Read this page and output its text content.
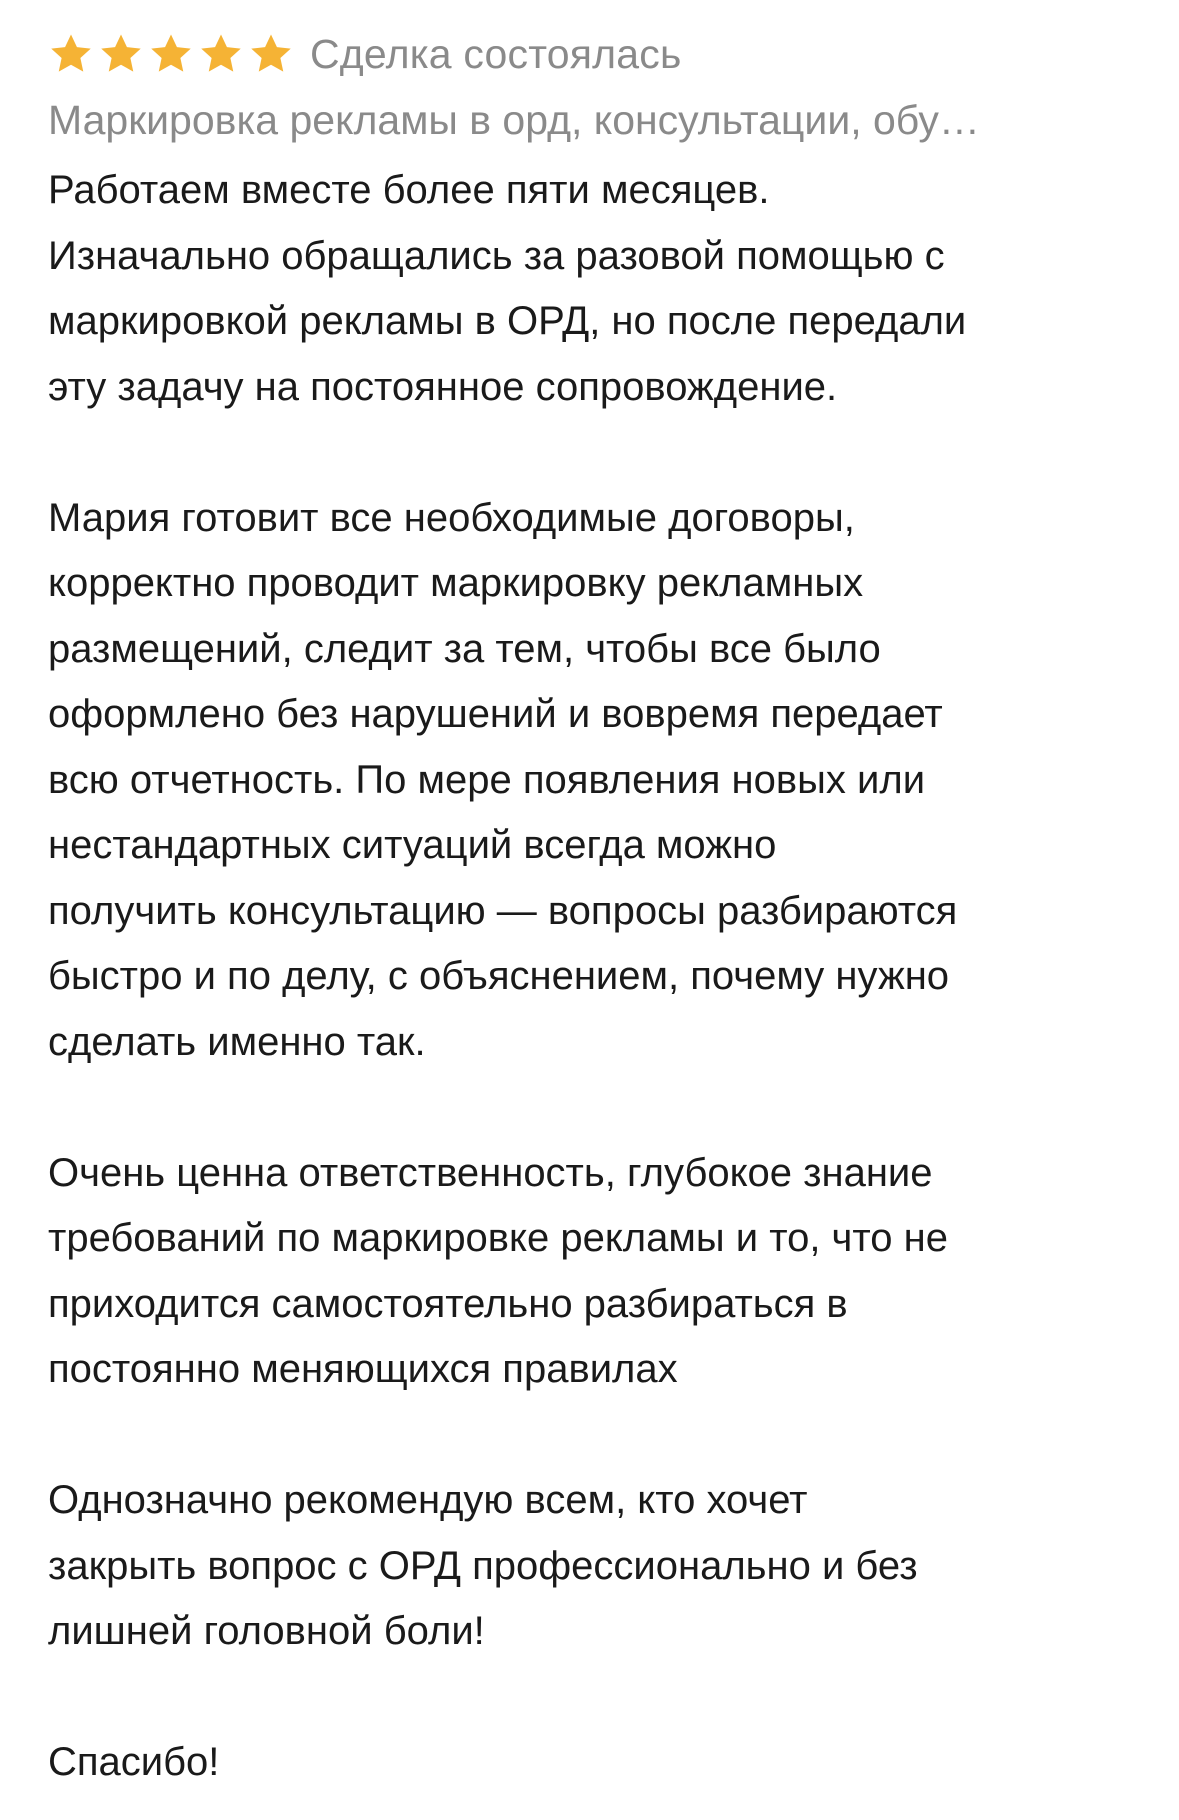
Сделка состоялась
Маркировка рекламы в орд, консультации, обу…

Работаем вместе более пяти месяцев.
Изначально обращались за разовой помощью с
маркировкой рекламы в ОРД, но после передали
эту задачу на постоянное сопровождение.

Мария готовит все необходимые договоры,
корректно проводит маркировку рекламных
размещений, следит за тем, чтобы все было
оформлено без нарушений и вовремя передает
всю отчетность. По мере появления новых или
нестандартных ситуаций всегда можно
получить консультацию — вопросы разбираются
быстро и по делу, с объяснением, почему нужно
сделать именно так.

Очень ценна ответственность, глубокое знание
требований по маркировке рекламы и то, что не
приходится самостоятельно разбираться в
постоянно меняющихся правилах

Однозначно рекомендую всем, кто хочет
закрыть вопрос с ОРД профессионально и без
лишней головной боли!

Спасибо!
